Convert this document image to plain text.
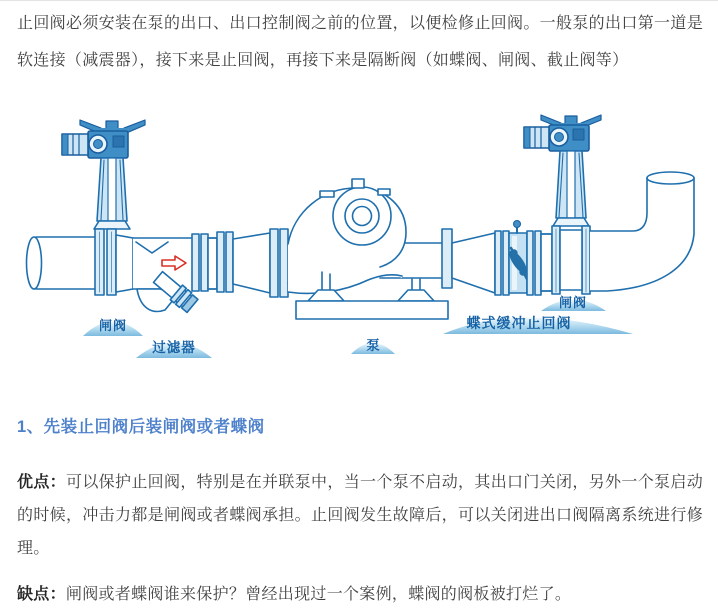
止回阀必须安装在泵的出口、出口控制阀之前的位置，以便检修止回阀。一般泵的出口第一道是软连接（减震器），接下来是止回阀，再接下来是隔断阀（如蝶阀、闸阀、截止阀等）

闸阀
过滤器	泵
蝶式缓冲止回阀
闸阀
1、先装止回阀后装闸阀或者蝶阀

优点：可以保护止回阀，特别是在并联泵中，当一个泵不启动，其出口门关闭，另外一个泵启动的时候，冲击力都是闸阀或者蝶阀承担。止回阀发生故障后，可以关闭进出口阀隔离系统进行修理。

缺点：闸阀或者蝶阀谁来保护？曾经出现过一个案例，蝶阀的阀板被打烂了。
